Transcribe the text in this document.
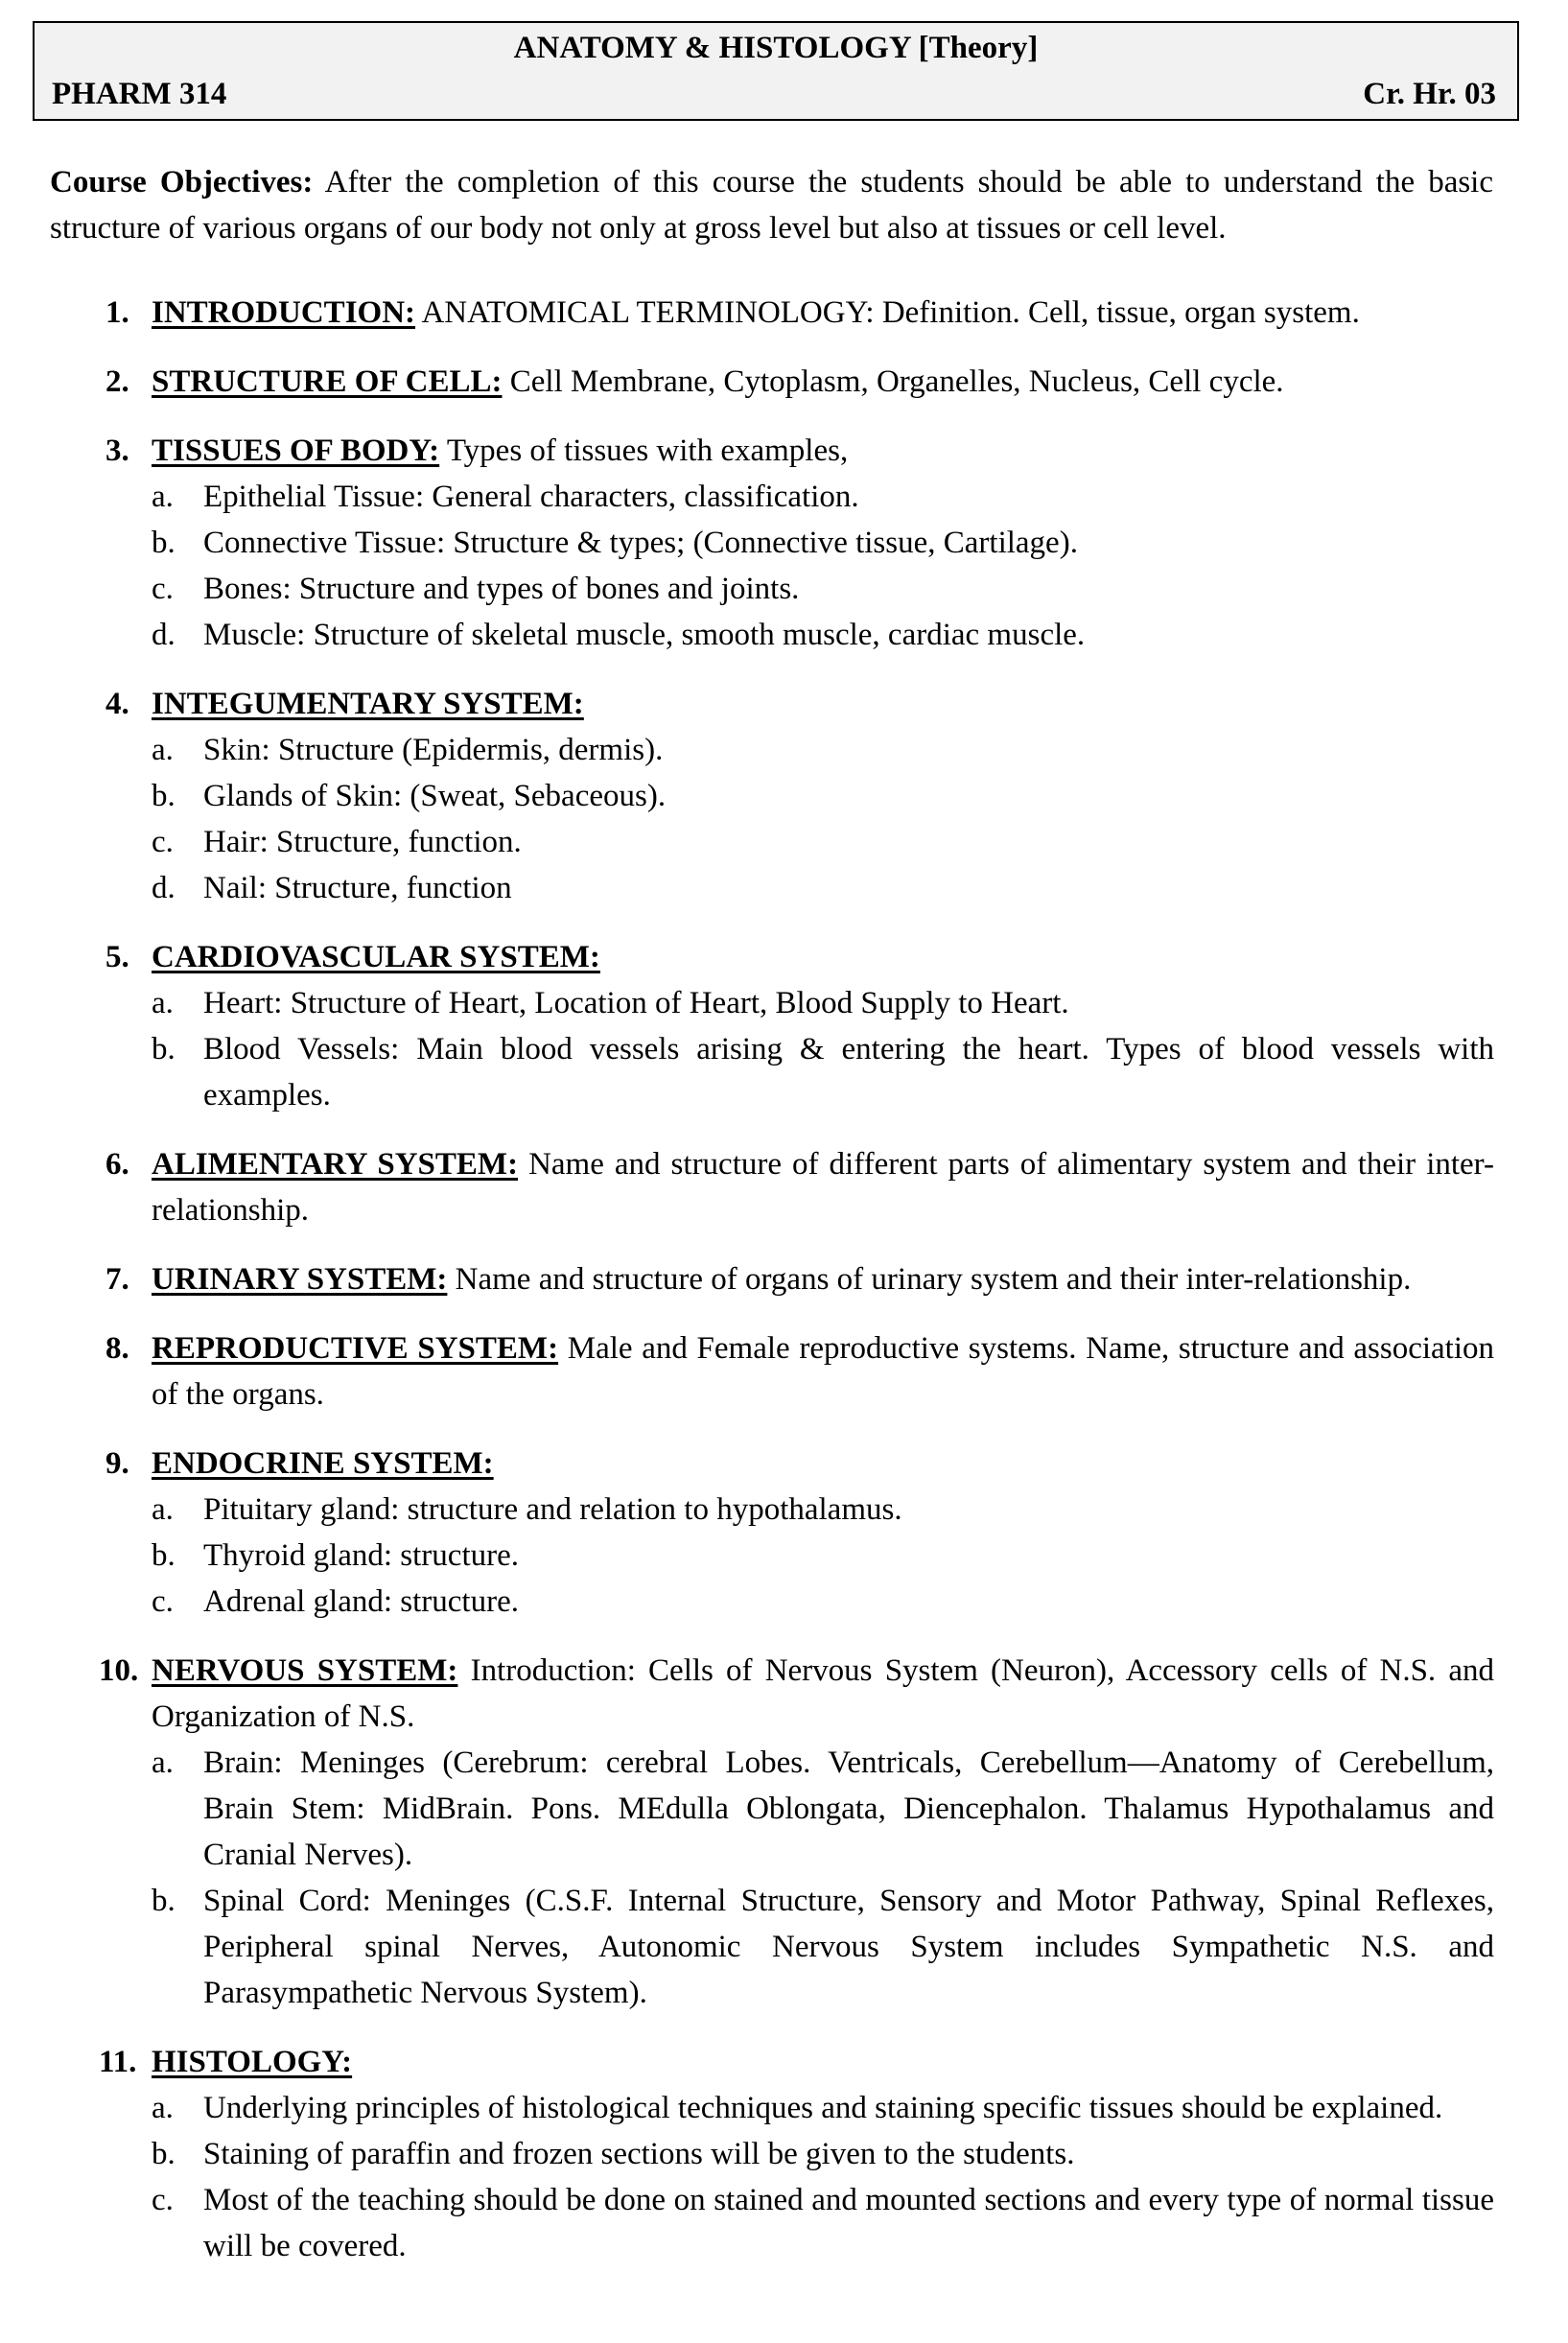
ANATOMY & HISTOLOGY [Theory]
PHARM 314	Cr. Hr. 03
Course Objectives: After the completion of this course the students should be able to understand the basic structure of various organs of our body not only at gross level but also at tissues or cell level.
1. INTRODUCTION: ANATOMICAL TERMINOLOGY: Definition. Cell, tissue, organ system.
2. STRUCTURE OF CELL: Cell Membrane, Cytoplasm, Organelles, Nucleus, Cell cycle.
3. TISSUES OF BODY: Types of tissues with examples,
a. Epithelial Tissue: General characters, classification.
b. Connective Tissue: Structure & types; (Connective tissue, Cartilage).
c. Bones: Structure and types of bones and joints.
d. Muscle: Structure of skeletal muscle, smooth muscle, cardiac muscle.
4. INTEGUMENTARY SYSTEM:
a. Skin: Structure (Epidermis, dermis).
b. Glands of Skin: (Sweat, Sebaceous).
c. Hair: Structure, function.
d. Nail: Structure, function
5. CARDIOVASCULAR SYSTEM:
a. Heart: Structure of Heart, Location of Heart, Blood Supply to Heart.
b. Blood Vessels: Main blood vessels arising & entering the heart. Types of blood vessels with examples.
6. ALIMENTARY SYSTEM: Name and structure of different parts of alimentary system and their inter-relationship.
7. URINARY SYSTEM: Name and structure of organs of urinary system and their inter-relationship.
8. REPRODUCTIVE SYSTEM: Male and Female reproductive systems. Name, structure and association of the organs.
9. ENDOCRINE SYSTEM:
a. Pituitary gland: structure and relation to hypothalamus.
b. Thyroid gland: structure.
c. Adrenal gland: structure.
10. NERVOUS SYSTEM: Introduction: Cells of Nervous System (Neuron), Accessory cells of N.S. and Organization of N.S.
a. Brain: Meninges (Cerebrum: cerebral Lobes. Ventricals, Cerebellum—Anatomy of Cerebellum, Brain Stem: MidBrain. Pons. MEdulla Oblongata, Diencephalon. Thalamus Hypothalamus and Cranial Nerves).
b. Spinal Cord: Meninges (C.S.F. Internal Structure, Sensory and Motor Pathway, Spinal Reflexes, Peripheral spinal Nerves, Autonomic Nervous System includes Sympathetic N.S. and Parasympathetic Nervous System).
11. HISTOLOGY:
a. Underlying principles of histological techniques and staining specific tissues should be explained.
b. Staining of paraffin and frozen sections will be given to the students.
c. Most of the teaching should be done on stained and mounted sections and every type of normal tissue will be covered.
